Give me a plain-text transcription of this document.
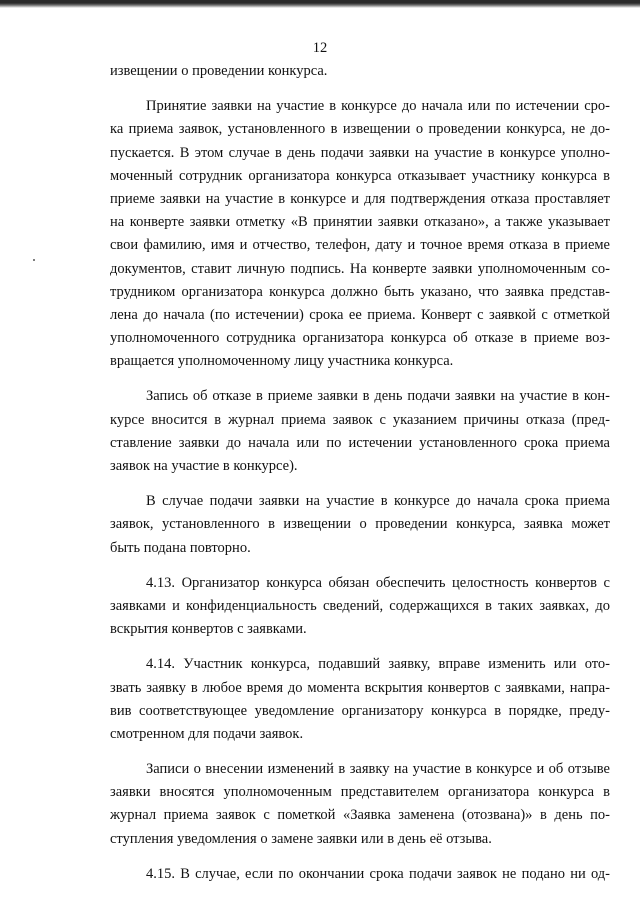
12
извещении о проведении конкурса.
Принятие заявки на участие в конкурсе до начала или по истечении сро-
ка приема заявок, установленного в извещении о проведении конкурса, не до-
пускается. В этом случае в день подачи заявки на участие в конкурсе уполно-
моченный сотрудник организатора конкурса отказывает участнику конкурса в
приеме заявки на участие в конкурсе и для подтверждения отказа проставляет
на конверте заявки отметку «В принятии заявки отказано», а также указывает
свои фамилию, имя и отчество, телефон, дату и точное время отказа в приеме
документов, ставит личную подпись. На конверте заявки уполномоченным со-
трудником организатора конкурса должно быть указано, что заявка представ-
лена до начала (по истечении) срока ее приема. Конверт с заявкой с отметкой
уполномоченного сотрудника организатора конкурса об отказе в приеме воз-
вращается уполномоченному лицу участника конкурса.
Запись об отказе в приеме заявки в день подачи заявки на участие в кон-
курсе вносится в журнал приема заявок с указанием причины отказа (пред-
ставление заявки до начала или по истечении установленного срока приема
заявок на участие в конкурсе).
В случае подачи заявки на участие в конкурсе до начала срока приема
заявок, установленного в извещении о проведении конкурса, заявка может
быть подана повторно.
4.13. Организатор конкурса обязан обеспечить целостность конвертов с
заявками и конфиденциальность сведений, содержащихся в таких заявках, до
вскрытия конвертов с заявками.
4.14. Участник конкурса, подавший заявку, вправе изменить или ото-
звать заявку в любое время до момента вскрытия конвертов с заявками, напра-
вив соответствующее уведомление организатору конкурса в порядке, преду-
смотренном для подачи заявок.
Записи о внесении изменений в заявку на участие в конкурсе и об отзыве
заявки вносятся уполномоченным представителем организатора конкурса в
журнал приема заявок с пометкой «Заявка заменена (отозвана)» в день по-
ступления уведомления о замене заявки или в день её отзыва.
4.15. В случае, если по окончании срока подачи заявок не подано ни од-
